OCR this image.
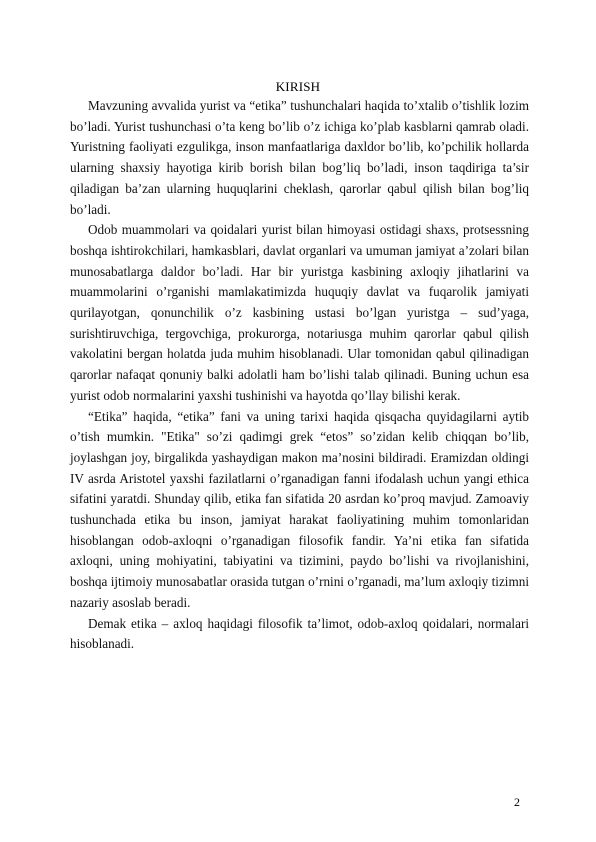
KIRISH

Mavzuning avvalida yurist va “etika” tushunchalari haqida to’xtalib o’tishlik lozim bo’ladi. Yurist tushunchasi o’ta keng bo’lib o’z ichiga ko’plab kasblarni qamrab oladi. Yuristning faoliyati ezgulikga, inson manfaatlariga daxldor bo’lib, ko’pchilik hollarda ularning shaxsiy hayotiga kirib borish bilan bog’liq bo’ladi, inson taqdiriga ta’sir qiladigan ba’zan ularning huquqlarini cheklash, qarorlar qabul qilish bilan bog’liq bo’ladi.

Odob muammolari va qoidalari yurist bilan himoyasi ostidagi shaxs, protsessning boshqa ishtirokchilari, hamkasblari, davlat organlari va umuman jamiyat a’zolari bilan munosabatlarga daldor bo’ladi. Har bir yuristga kasbining axloqiy jihatlarini va muammolarini o’rganishi mamlakatimizda huquqiy davlat va fuqarolik jamiyati qurilayotgan, qonunchilik o’z kasbining ustasi bo’lgan yuristga – sud’yaga, surishtiruvchiga, tergovchiga, prokurorga, notariusga muhim qarorlar qabul qilish vakolatini bergan holatda juda muhim hisoblanadi. Ular tomonidan qabul qilinadigan qarorlar nafaqat qonuniy balki adolatli ham bo’lishi talab qilinadi. Buning uchun esa yurist odob normalarini yaxshi tushinishi va hayotda qo’llay bilishi kerak.

“Etika” haqida, “etika” fani va uning tarixi haqida qisqacha quyidagilarni aytib o’tish mumkin. "Etika" so’zi qadimgi grek “etos” so’zidan kelib chiqqan bo’lib, joylashgan joy, birgalikda yashaydigan makon ma’nosini bildiradi. Eramizdan oldingi IV asrda Aristotel yaxshi fazilatlarni o’rganadigan fanni ifodalash uchun yangi ethica sifatini yaratdi. Shunday qilib, etika fan sifatida 20 asrdan ko’proq mavjud. Zamoaviy tushunchada etika bu inson, jamiyat harakat faoliyatining muhim tomonlaridan hisoblangan odob-axloqni o’rganadigan filosofik fandir. Ya’ni etika fan sifatida axloqni, uning mohiyatini, tabiyatini va tizimini, paydo bo’lishi va rivojlanishini, boshqa ijtimoiy munosabatlar orasida tutgan o’rnini o’rganadi, ma’lum axloqiy tizimni nazariy asoslab beradi.

Demak etika – axloq haqidagi filosofik ta’limot, odob-axloq qoidalari, normalari hisoblanadi.

2
